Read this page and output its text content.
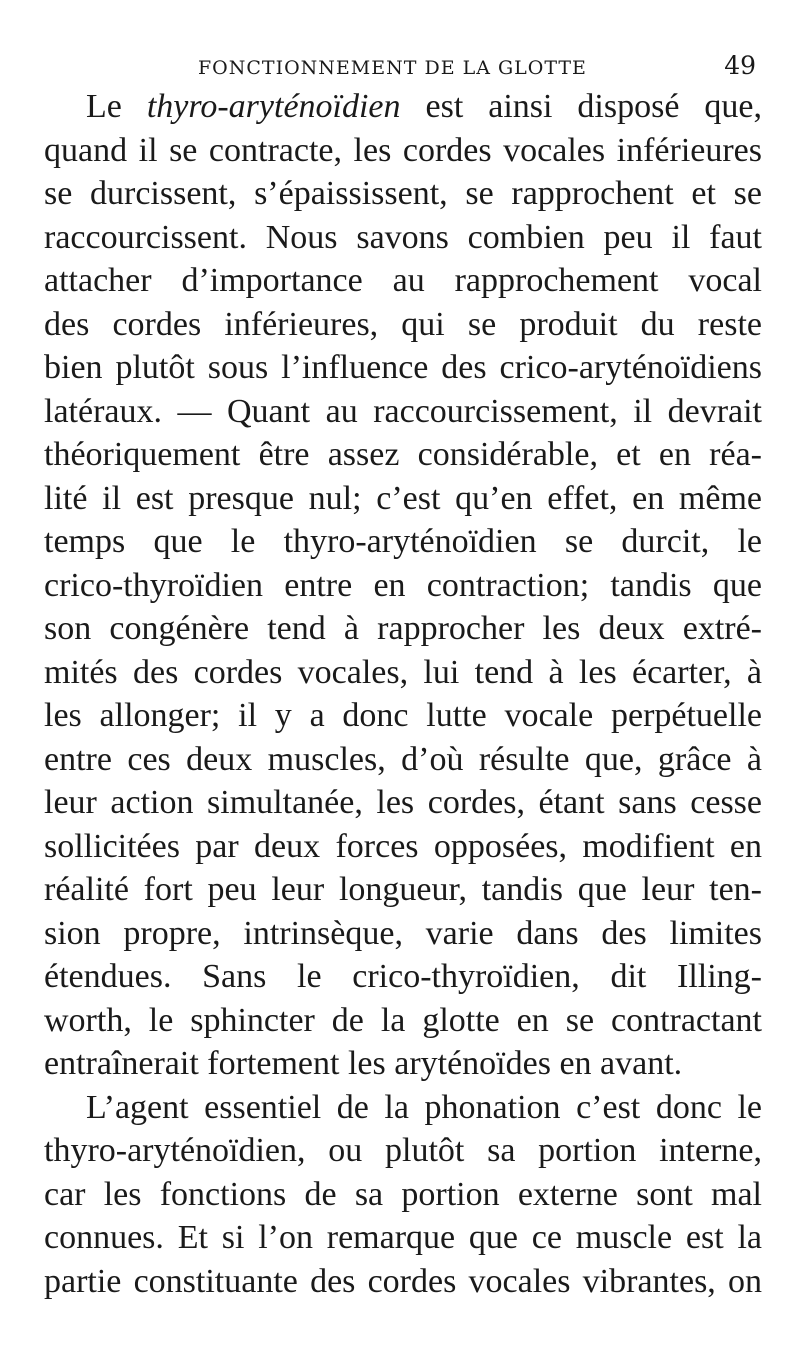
FONCTIONNEMENT DE LA GLOTTE	49
Le thyro-aryténoïdien est ainsi disposé que,
quand il se contracte, les cordes vocales inférieures
se durcissent, s’épaississent, se rapprochent et se
raccourcissent. Nous savons combien peu il faut
attacher d’importance au rapprochement vocal
des cordes inférieures, qui se produit du reste
bien plutôt sous l’influence des crico-aryténoïdiens
latéraux. — Quant au raccourcissement, il devrait
théoriquement être assez considérable, et en réa-
lité il est presque nul; c’est qu’en effet, en même
temps que le thyro-aryténoïdien se durcit, le
crico-thyroïdien entre en contraction; tandis que
son congénère tend à rapprocher les deux extré-
mités des cordes vocales, lui tend à les écarter, à
les allonger; il y a donc lutte vocale perpétuelle
entre ces deux muscles, d’où résulte que, grâce à
leur action simultanée, les cordes, étant sans cesse
sollicitées par deux forces opposées, modifient en
réalité fort peu leur longueur, tandis que leur ten-
sion propre, intrinsèque, varie dans des limites
étendues. Sans le crico-thyroïdien, dit Illing-
worth, le sphincter de la glotte en se contractant
entraînerait fortement les aryténoïdes en avant.
L’agent essentiel de la phonation c’est donc le
thyro-aryténoïdien, ou plutôt sa portion interne,
car les fonctions de sa portion externe sont mal
connues. Et si l’on remarque que ce muscle est la
partie constituante des cordes vocales vibrantes, on
